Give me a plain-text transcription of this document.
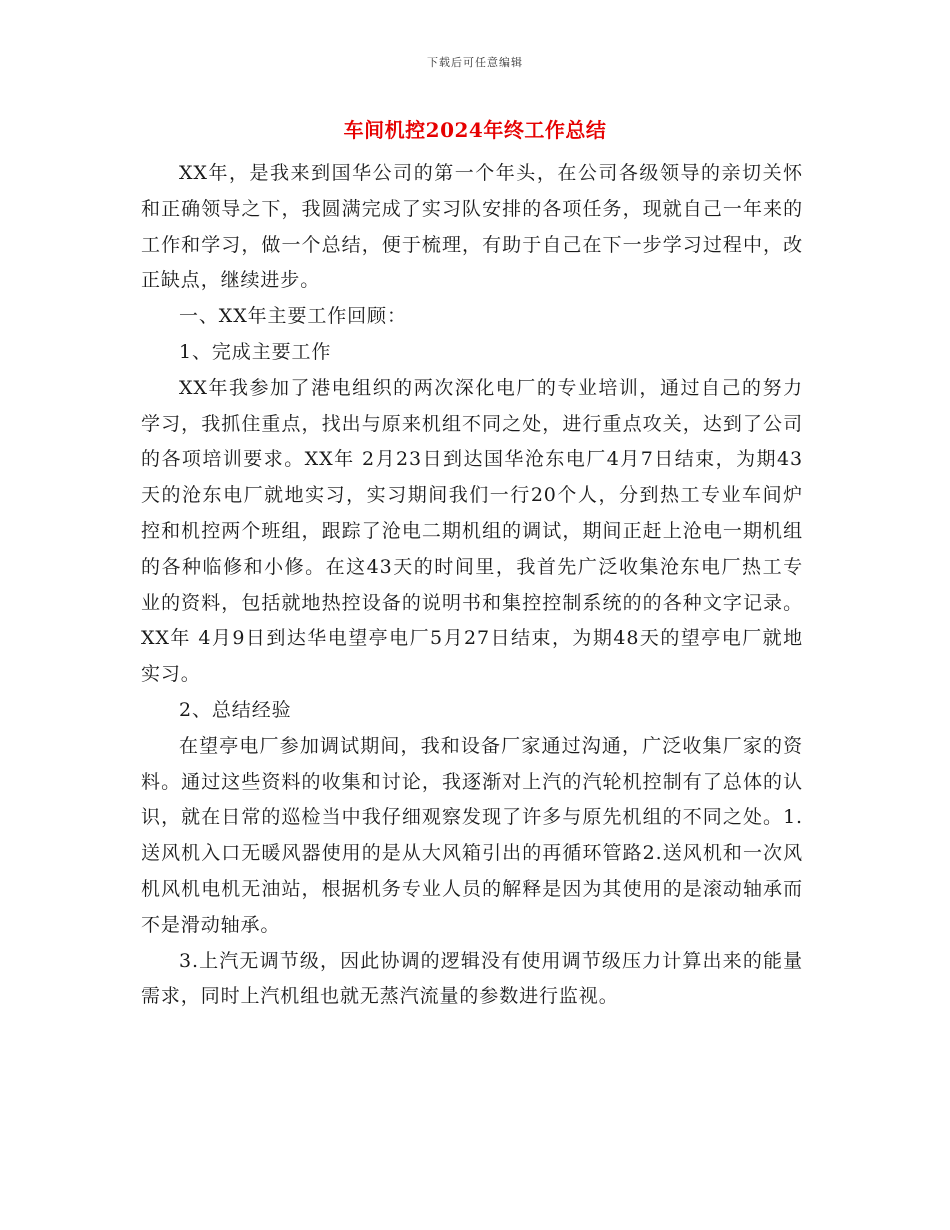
下载后可任意编辑
车间机控2024年终工作总结

XX年，是我来到国华公司的第一个年头，在公司各级领导的亲切关怀和正确领导之下，我圆满完成了实习队安排的各项任务，现就自己一年来的工作和学习，做一个总结，便于梳理，有助于自己在下一步学习过程中，改正缺点，继续进步。

一、XX年主要工作回顾：

1、完成主要工作

XX年我参加了港电组织的两次深化电厂的专业培训，通过自己的努力学习，我抓住重点，找出与原来机组不同之处，进行重点攻关，达到了公司的各项培训要求。XX年 2月23日到达国华沧东电厂4月7日结束，为期43天的沧东电厂就地实习，实习期间我们一行20个人，分到热工专业车间炉控和机控两个班组，跟踪了沧电二期机组的调试，期间正赶上沧电一期机组的各种临修和小修。在这43天的时间里，我首先广泛收集沧东电厂热工专业的资料，包括就地热控设备的说明书和集控控制系统的的各种文字记录。XX年 4月9日到达华电望亭电厂5月27日结束，为期48天的望亭电厂就地实习。

2、总结经验

在望亭电厂参加调试期间，我和设备厂家通过沟通，广泛收集厂家的资料。通过这些资料的收集和讨论，我逐渐对上汽的汽轮机控制有了总体的认识，就在日常的巡检当中我仔细观察发现了许多与原先机组的不同之处。1.送风机入口无暖风器使用的是从大风箱引出的再循环管路2.送风机和一次风机风机电机无油站，根据机务专业人员的解释是因为其使用的是滚动轴承而不是滑动轴承。

3.上汽无调节级，因此协调的逻辑没有使用调节级压力计算出来的能量需求，同时上汽机组也就无蒸汽流量的参数进行监视。
